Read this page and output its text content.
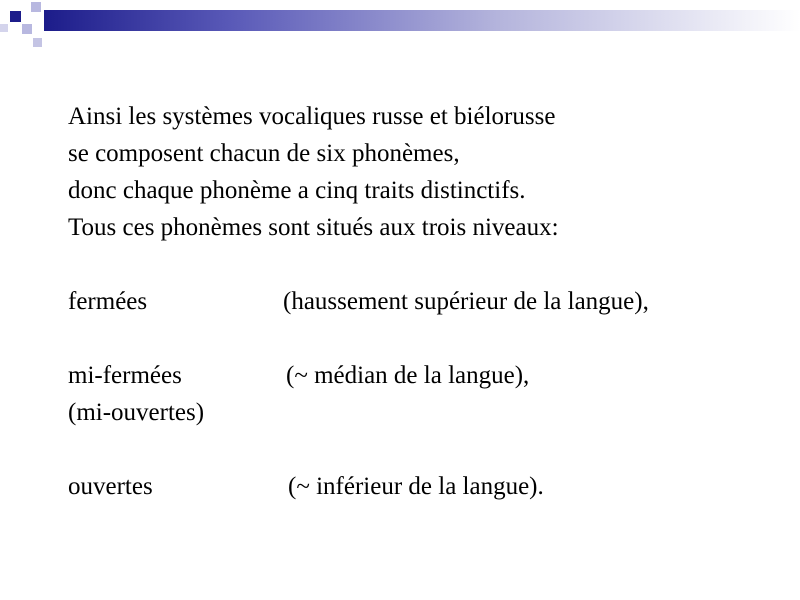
Ainsi les systèmes vocaliques russe et biélorusse
se composent chacun de six phonèmes,
donc chaque phonème a cinq traits distinctifs.
Tous ces phonèmes sont situés aux trois niveaux:
fermées	(haussement supérieur de la langue),
mi-fermées	(~ médian de la langue),
(mi-ouvertes)
ouvertes	(~ inférieur de la langue).
